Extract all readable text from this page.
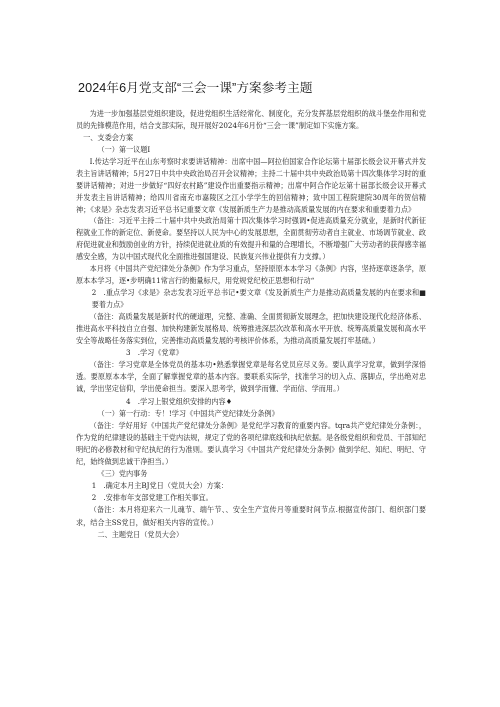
2024年6月党支部“三会一课”方案参考主题

为进一步加强基层党组织建设，促进党组织生活经常化、制度化，充分发挥基层党组织的战斗堡垒作用和党员的先锋模范作用，结合支部实际，现开展好2024年6月份“三会一课”制定如下实施方案。

一、支委会方案

（一）第一议题I

I.传达学习近平在山东考察时求要讲话精神：出席中国—阿拉伯国家合作论坛第十届部长级会议开幕式并发表主旨讲话精神；5月27日中共中央政治局召开会议精神；主持二十届中共中央政治局第十四次集体学习时的重要讲话精神；对进一步做好“四好农村路”建设作出重要指示精神；出席中阿合作论坛第十届部长级会议开幕式并发表主旨讲话精神；给四川省南充市嘉陵区之江小学学生的回信精神；致中国工程院建院30周年的贺信精神；《求是》杂志发表习近平总书记重要文章《发展新质生产力是推动高质量发展的内在要求和重要着力点》

（备注：习近平主持二十届中共中央政治局第十四次集体学习时强调•促进高质量充分就业，是新时代新征程就业工作的新定位、新使命。要坚持以人民为中心的发展思想，全面贯彻劳动者自主就业、市场调节就业、政府促进就业和鼓励创业的方针，持续促进就业质的有效提升和量的合理增长，不断增强广大劳动者的获得感幸福感安全感，为以中国式现代化全面推进强国建设、民族复兴伟业提供有力支撑。）

本月将《中国共产党纪律处分条例》作为学习重点，坚持原原本本学习《条例》内容，坚持逐章逐条学，原原本本学习，逐•步明确11常言行的衡量标尺，用党规党纪校正思想和行动“

2　.重点学习《求是》杂志发表习近平总书记•要文章《发及新质生产力是推动高质量发展的内在要求和■要着力点》

（备注：高质量发展是新时代的硬道理，完整、准确、全面贯彻新发展理念，把加快建设现代化经济体系、推进高水平科技自立自强、加快构建新发展格局、统筹推进深层次改革和高水平开放、统筹高质量发展和高水平安全等战略任务落实到位，完善推动高质量发展的考核评价体系，为推动高质量发展打牢基础。）

3　.学习《党章》

（备注：学习党章是全体党员的基本功•熟悉掌握党章是每名党员应尽义务。要认真学习党章，做到学深悟透。要原原本本学，全面了解掌握党章的基本内容。要联系实际学，找准学习的切入点、落脚点，学出绝对忠诚，学出坚定信仰，学出使命担当。要深入思考学，做到学而懂、学而信、学而用。）

4　.学习上银党组织安排的内容♦

（一）第一行动：专！!学习《中国共产党纪律处分条例》

（备注：学好用好《中国共产党纪律处分条例》是党纪学习教育的重要内容。tqra共产党纪律处分条例：，作为党的纪律建设的基础主干党内法规，规定了党的各项纪律底线和执纪依据。是各级党组织和党员、干部知纪明纪的必修教材和守纪执纪的行为准则。要认真学习《中国共产党纪律处分条例》做到学纪、知纪、明纪、守纪，始终做到忠诚干净担当。）

《三）党内事务

1　.确定本月主BJ党日（党员大会）方案：

2　.安排布年支部党建工作相关事宜。

（备注：本月将迎来六一儿魂节、端午节、、安全生产宣传月等重要时间节点.根据宣传部门、组织部门要求，结合主SS党日，做好相关内容的宣传。）

二、主题党日（党员大会）
